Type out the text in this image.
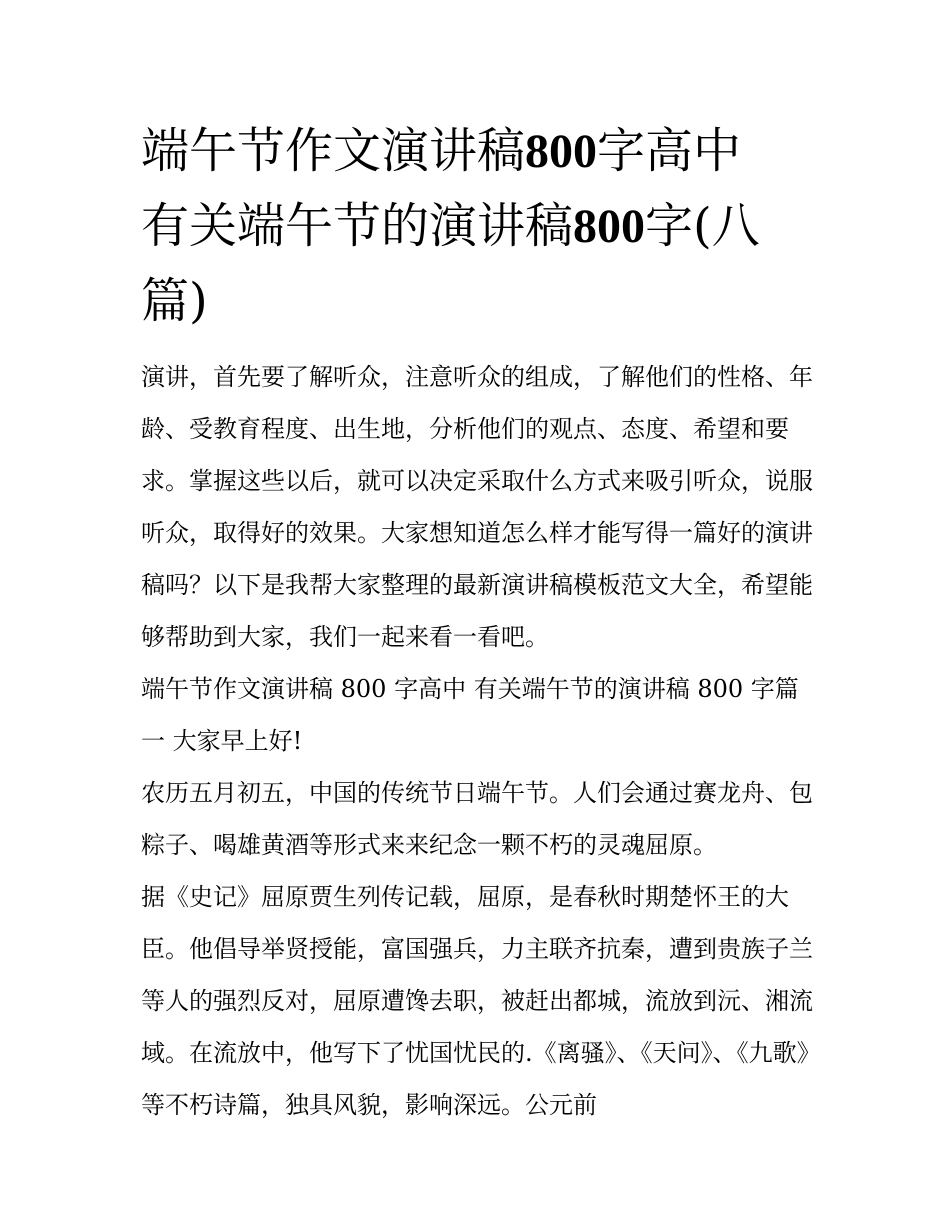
端午节作文演讲稿800字高中
有关端午节的演讲稿800字(八
篇)

演讲，首先要了解听众，注意听众的组成，了解他们的性格、年龄、受教育程度、出生地，分析他们的观点、态度、希望和要求。掌握这些以后，就可以决定采取什么方式来吸引听众，说服听众，取得好的效果。大家想知道怎么样才能写得一篇好的演讲稿吗？以下是我帮大家整理的最新演讲稿模板范文大全，希望能够帮助到大家，我们一起来看一看吧。

端午节作文演讲稿 800 字高中 有关端午节的演讲稿 800 字篇一 大家早上好!

农历五月初五，中国的传统节日端午节。人们会通过赛龙舟、包粽子、喝雄黄酒等形式来来纪念一颗不朽的灵魂屈原。

据《史记》屈原贾生列传记载，屈原，是春秋时期楚怀王的大臣。他倡导举贤授能，富国强兵，力主联齐抗秦，遭到贵族子兰等人的强烈反对，屈原遭馋去职，被赶出都城，流放到沅、湘流域。在流放中，他写下了忧国忧民的.《离骚》、《天问》、《九歌》等不朽诗篇，独具风貌，影响深远。公元前
